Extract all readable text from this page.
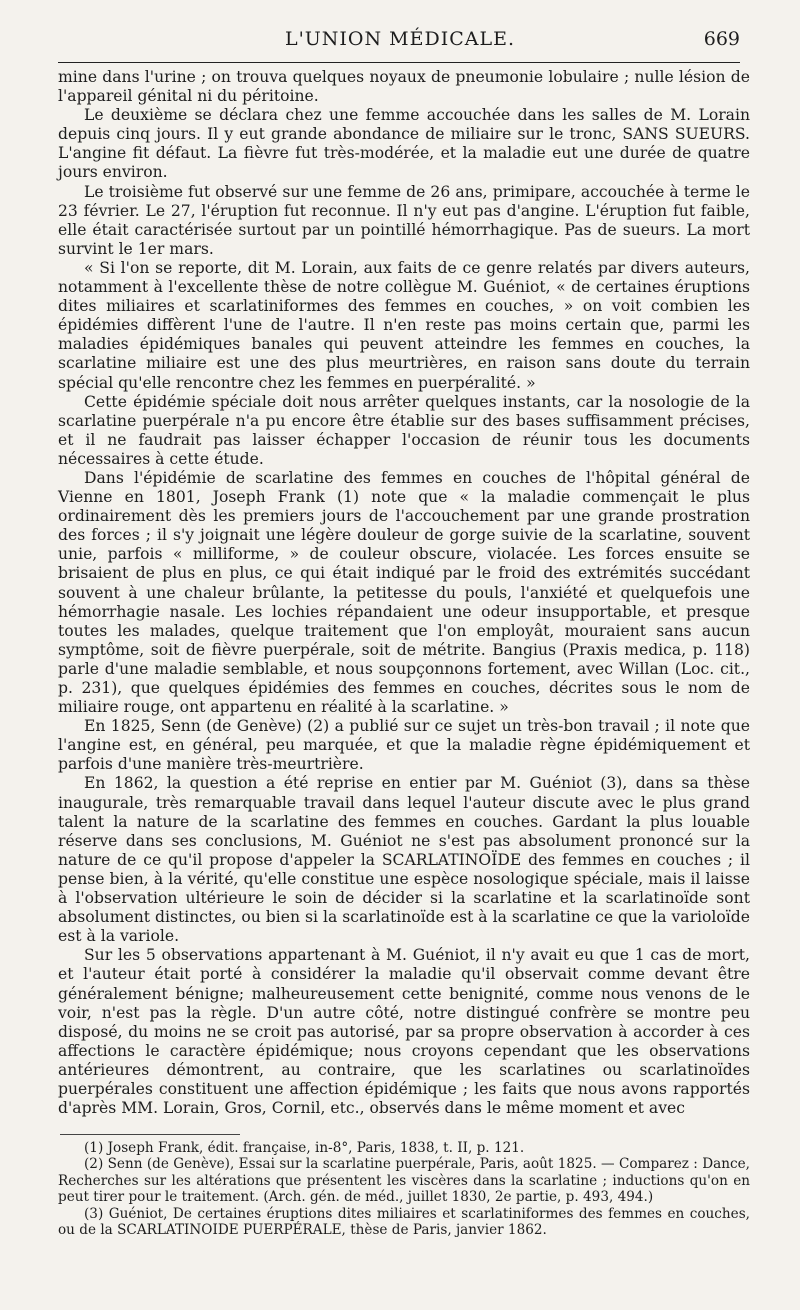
L'UNION MÉDICALE.	669

mine dans l'urine ; on trouva quelques noyaux de pneumonie lobulaire ; nulle lésion de l'appareil génital ni du péritoine.

Le deuxième se déclara chez une femme accouchée dans les salles de M. Lorain depuis cinq jours. Il y eut grande abondance de miliaire sur le tronc, SANS SUEURS. L'angine fit défaut. La fièvre fut très-modérée, et la maladie eut une durée de quatre jours environ.

Le troisième fut observé sur une femme de 26 ans, primipare, accouchée à terme le 23 février. Le 27, l'éruption fut reconnue. Il n'y eut pas d'angine. L'éruption fut faible, elle était caractérisée surtout par un pointillé hémorrhagique. Pas de sueurs. La mort survint le 1er mars.

« Si l'on se reporte, dit M. Lorain, aux faits de ce genre relatés par divers auteurs, notamment à l'excellente thèse de notre collègue M. Guéniot, « de certaines éruptions dites miliaires et scarlatiniformes des femmes en couches, » on voit combien les épidémies diffèrent l'une de l'autre. Il n'en reste pas moins certain que, parmi les maladies épidémiques banales qui peuvent atteindre les femmes en couches, la scarlatine miliaire est une des plus meurtrières, en raison sans doute du terrain spécial qu'elle rencontre chez les femmes en puerpéralité. »

Cette épidémie spéciale doit nous arrêter quelques instants, car la nosologie de la scarlatine puerpérale n'a pu encore être établie sur des bases suffisamment précises, et il ne faudrait pas laisser échapper l'occasion de réunir tous les documents nécessaires à cette étude.

Dans l'épidémie de scarlatine des femmes en couches de l'hôpital général de Vienne en 1801, Joseph Frank (1) note que « la maladie commençait le plus ordinairement dès les premiers jours de l'accouchement par une grande prostration des forces ; il s'y joignait une légère douleur de gorge suivie de la scarlatine, souvent unie, parfois « milliforme, » de couleur obscure, violacée. Les forces ensuite se brisaient de plus en plus, ce qui était indiqué par le froid des extrémités succédant souvent à une chaleur brûlante, la petitesse du pouls, l'anxiété et quelquefois une hémorrhagie nasale. Les lochies répandaient une odeur insupportable, et presque toutes les malades, quelque traitement que l'on employât, mouraient sans aucun symptôme, soit de fièvre puerpérale, soit de métrite. Bangius (Praxis medica, p. 118) parle d'une maladie semblable, et nous soupçonnons fortement, avec Willan (Loc. cit., p. 231), que quelques épidémies des femmes en couches, décrites sous le nom de miliaire rouge, ont appartenu en réalité à la scarlatine. »

En 1825, Senn (de Genève) (2) a publié sur ce sujet un très-bon travail ; il note que l'angine est, en général, peu marquée, et que la maladie règne épidémiquement et parfois d'une manière très-meurtrière.

En 1862, la question a été reprise en entier par M. Guéniot (3), dans sa thèse inaugurale, très remarquable travail dans lequel l'auteur discute avec le plus grand talent la nature de la scarlatine des femmes en couches. Gardant la plus louable réserve dans ses conclusions, M. Guéniot ne s'est pas absolument prononcé sur la nature de ce qu'il propose d'appeler la SCARLATINOÏDE des femmes en couches ; il pense bien, à la vérité, qu'elle constitue une espèce nosologique spéciale, mais il laisse à l'observation ultérieure le soin de décider si la scarlatine et la scarlatinoïde sont absolument distinctes, ou bien si la scarlatinoïde est à la scarlatine ce que la varioloïde est à la variole.

Sur les 5 observations appartenant à M. Guéniot, il n'y avait eu que 1 cas de mort, et l'auteur était porté à considérer la maladie qu'il observait comme devant être généralement bénigne; malheureusement cette benignité, comme nous venons de le voir, n'est pas la règle. D'un autre côté, notre distingué confrère se montre peu disposé, du moins ne se croit pas autorisé, par sa propre observation à accorder à ces affections le caractère épidémique; nous croyons cependant que les observations antérieures démontrent, au contraire, que les scarlatines ou scarlatinoïdes puerpérales constituent une affection épidémique ; les faits que nous avons rapportés d'après MM. Lorain, Gros, Cornil, etc., observés dans le même moment et avec

(1) Joseph Frank, édit. française, in-8°, Paris, 1838, t. II, p. 121.

(2) Senn (de Genève), Essai sur la scarlatine puerpérale, Paris, août 1825. — Comparez : Dance, Recherches sur les altérations que présentent les viscères dans la scarlatine ; inductions qu'on en peut tirer pour le traitement. (Arch. gén. de méd., juillet 1830, 2e partie, p. 493, 494.)

(3) Guéniot, De certaines éruptions dites miliaires et scarlatiniformes des femmes en couches, ou de la SCARLATINOIDE PUERPÉRALE, thèse de Paris, janvier 1862.
